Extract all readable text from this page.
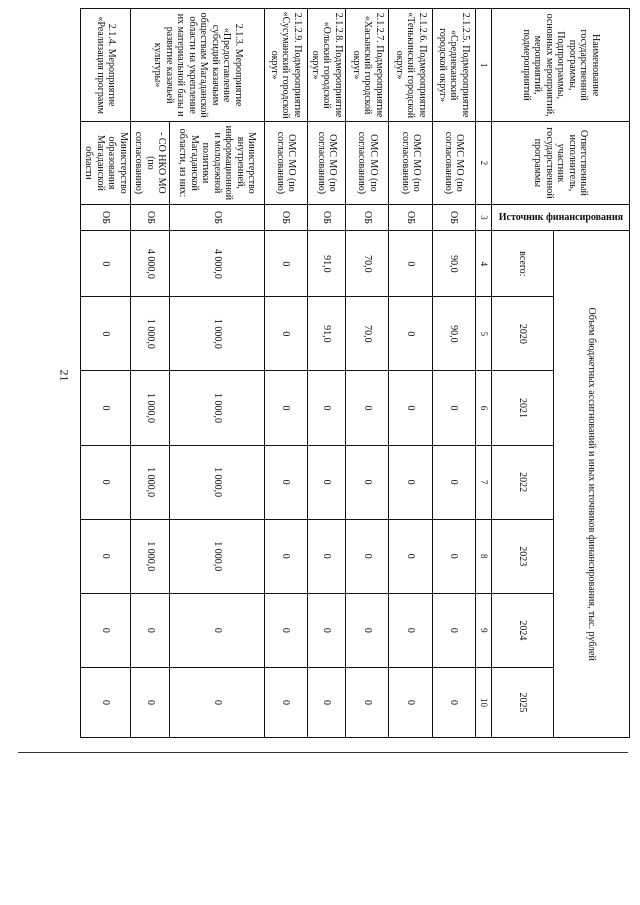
21
Наименование государственной программы, Подпрограммы, основных мероприятий, мероприятий, подмероприятий	Ответственный исполнитель, участник государственной программы	Источник финансирования	Объем бюджетных ассигнований и иных источников финансирования, тыс. рублей						
			всего:	2020	2021	2022	2023	2024	2025
1	2	3	4	5	6	7	8	9	10
2.1.2.5. Подмероприятие «Среднеканский городской округ»	ОМС МО (по согласованию)	ОБ	90,0	90,0	0	0	0	0	0
2.1.2.6. Подмероприятие «Тенькинский городской округ»	ОМС МО (по согласованию)	ОБ	0	0	0	0	0	0	0
2.1.2.7. Подмероприятие «Хасынский городской округ»	ОМС МО (по согласованию)	ОБ	70,0	70,0	0	0	0	0	0
2.1.2.8. Подмероприятие «Ольский городской округ»	ОМС МО (по согласованию)	ОБ	91,0	91,0	0	0	0	0	0
2.1.2.9. Подмероприятие «Сусуманский городской округ»	ОМС МО (по согласованию)	ОБ	0	0	0	0	0	0	0
2.1.3. Мероприятие «Предоставление субсидий казачьим обществам Магаданской области на укрепление их материальной базы и развитие казачьей культуры»	Министерство внутренней, информационной и молодежной политики Магаданской области, из них:	ОБ	4 000,0	1 000,0	1 000,0	1 000,0	1 000,0	0	0
	- СО НКО МО (по согласованию)	ОБ	4 000,0	1 000,0	1 000,0	1 000,0	1 000,0	0	0
2.1.4. Мероприятие «Реализация программ	Министерство образования Магаданской области	ОБ	0	0	0	0	0	0	0
